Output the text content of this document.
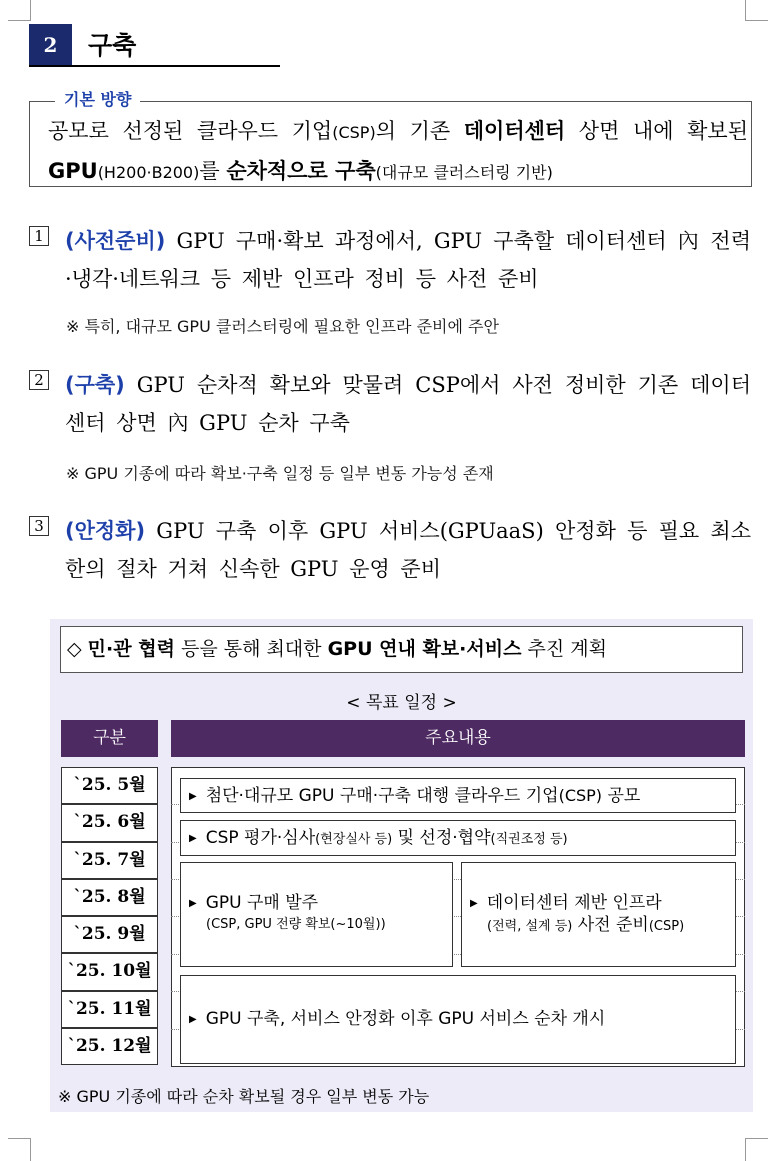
2	구축
기본 방향
공모로 선정된 클라우드 기업(CSP)의 기존 데이터센터 상면 내에 확보된 GPU(H200·B200)를 순차적으로 구축(대규모 클러스터링 기반)
1 (사전준비) GPU 구매·확보 과정에서, GPU 구축할 데이터센터 內 전력·냉각·네트워크 등 제반 인프라 정비 등 사전 준비
※ 특히, 대규모 GPU 클러스터링에 필요한 인프라 준비에 주안
2 (구축) GPU 순차적 확보와 맞물려 CSP에서 사전 정비한 기존 데이터센터 상면 內 GPU 순차 구축
※ GPU 기종에 따라 확보·구축 일정 등 일부 변동 가능성 존재
3 (안정화) GPU 구축 이후 GPU 서비스(GPUaaS) 안정화 등 필요 최소한의 절차 거쳐 신속한 GPU 운영 준비
◇ 민·관 협력 등을 통해 최대한 GPU 연내 확보·서비스 추진 계획
< 목표 일정 >
구분	주요내용
`25. 5월
`25. 6월
`25. 7월
`25. 8월
`25. 9월
`25. 10월
`25. 11월
`25. 12월
▶ 첨단·대규모 GPU 구매·구축 대행 클라우드 기업(CSP) 공모
▶ CSP 평가·심사(현장실사 등) 및 선정·협약(직권조정 등)
▶ GPU 구매 발주
(CSP, GPU 전량 확보(~10월))
▶ 데이터센터 제반 인프라
(전력, 설계 등) 사전 준비(CSP)
▶ GPU 구축, 서비스 안정화 이후 GPU 서비스 순차 개시
※ GPU 기종에 따라 순차 확보될 경우 일부 변동 가능
